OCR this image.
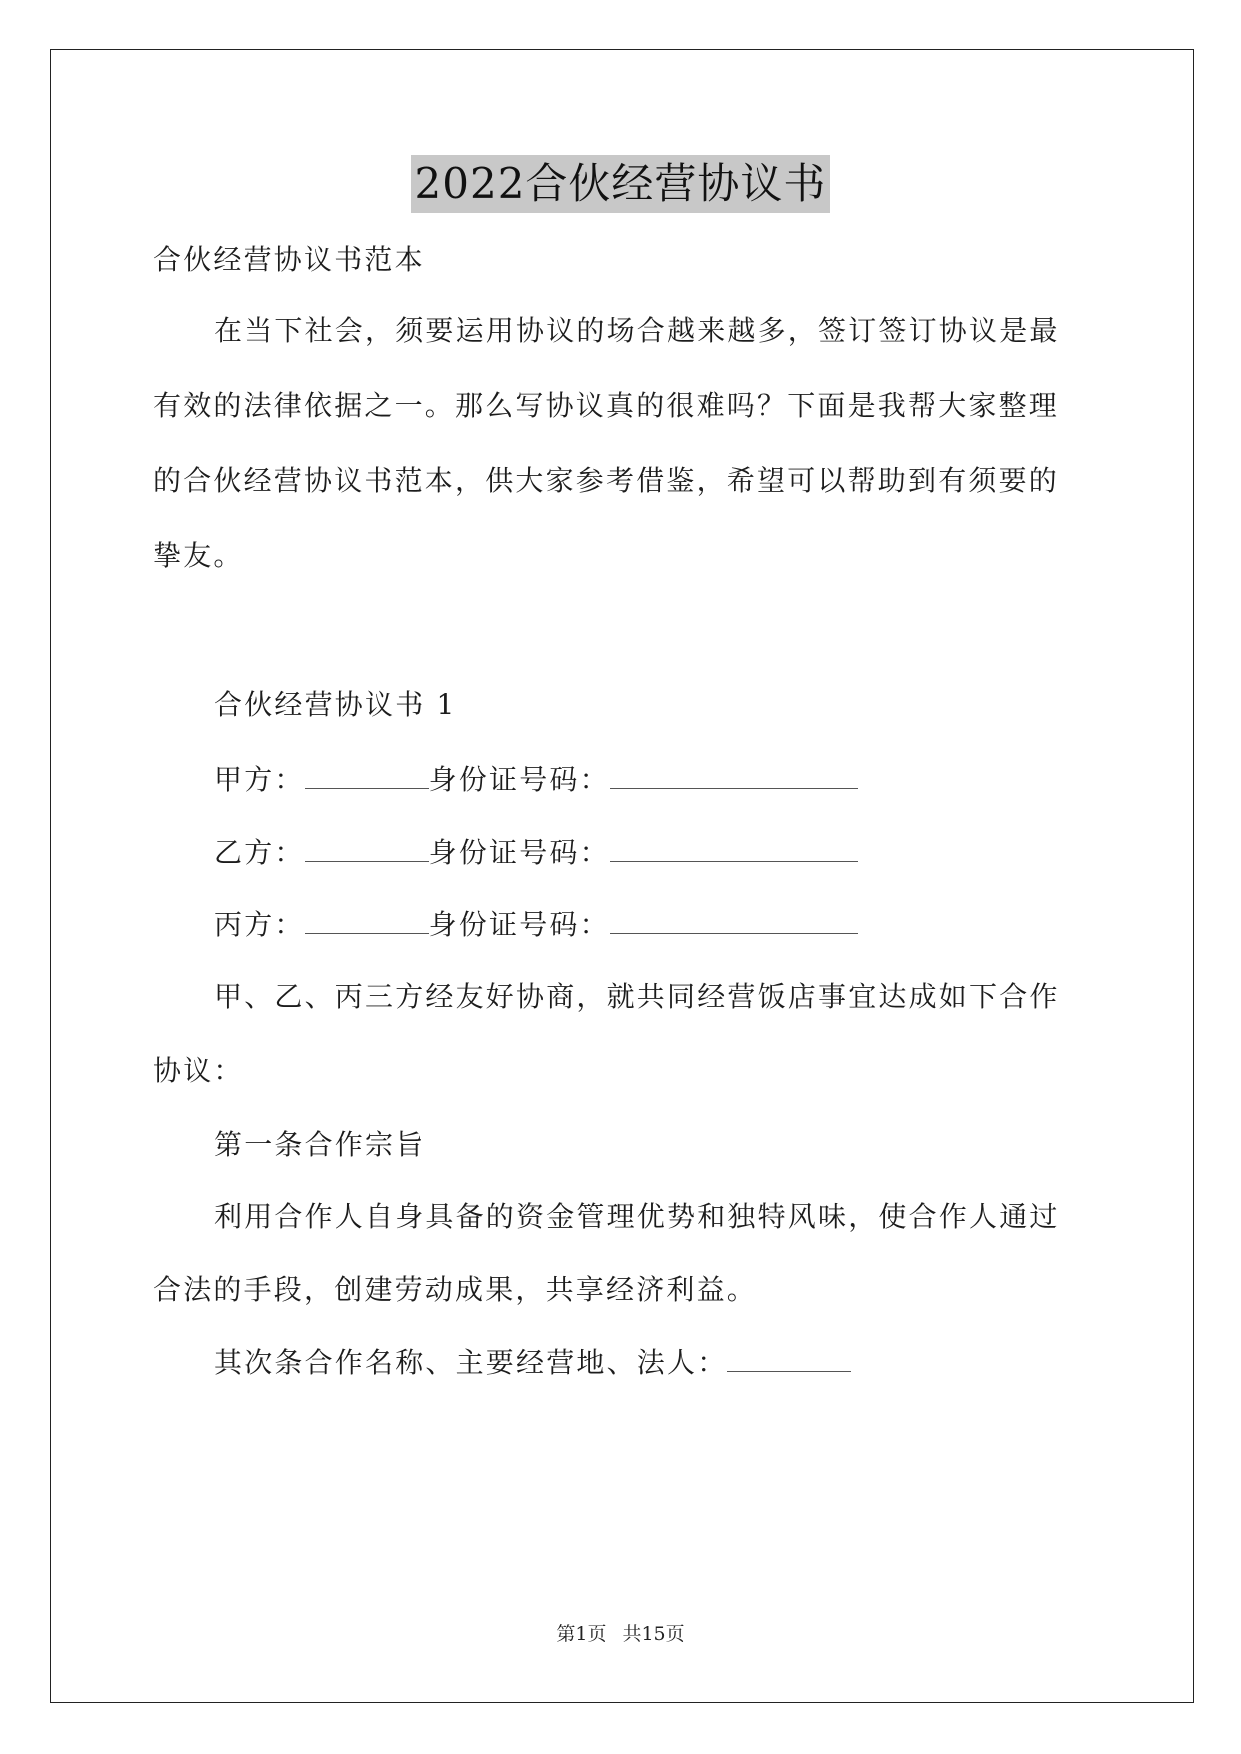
2022合伙经营协议书
合伙经营协议书范本
在当下社会，须要运用协议的场合越来越多，签订签订协议是最
有效的法律依据之一。那么写协议真的很难吗？下面是我帮大家整理
的合伙经营协议书范本，供大家参考借鉴，希望可以帮助到有须要的
挚友。
合伙经营协议书 1
甲方：	身份证号码：
乙方：	身份证号码：
丙方：	身份证号码：
甲、乙、丙三方经友好协商，就共同经营饭店事宜达成如下合作
协议：
第一条合作宗旨
利用合作人自身具备的资金管理优势和独特风味，使合作人通过
合法的手段，创建劳动成果，共享经济利益。
其次条合作名称、主要经营地、法人：
第1页 共15页
